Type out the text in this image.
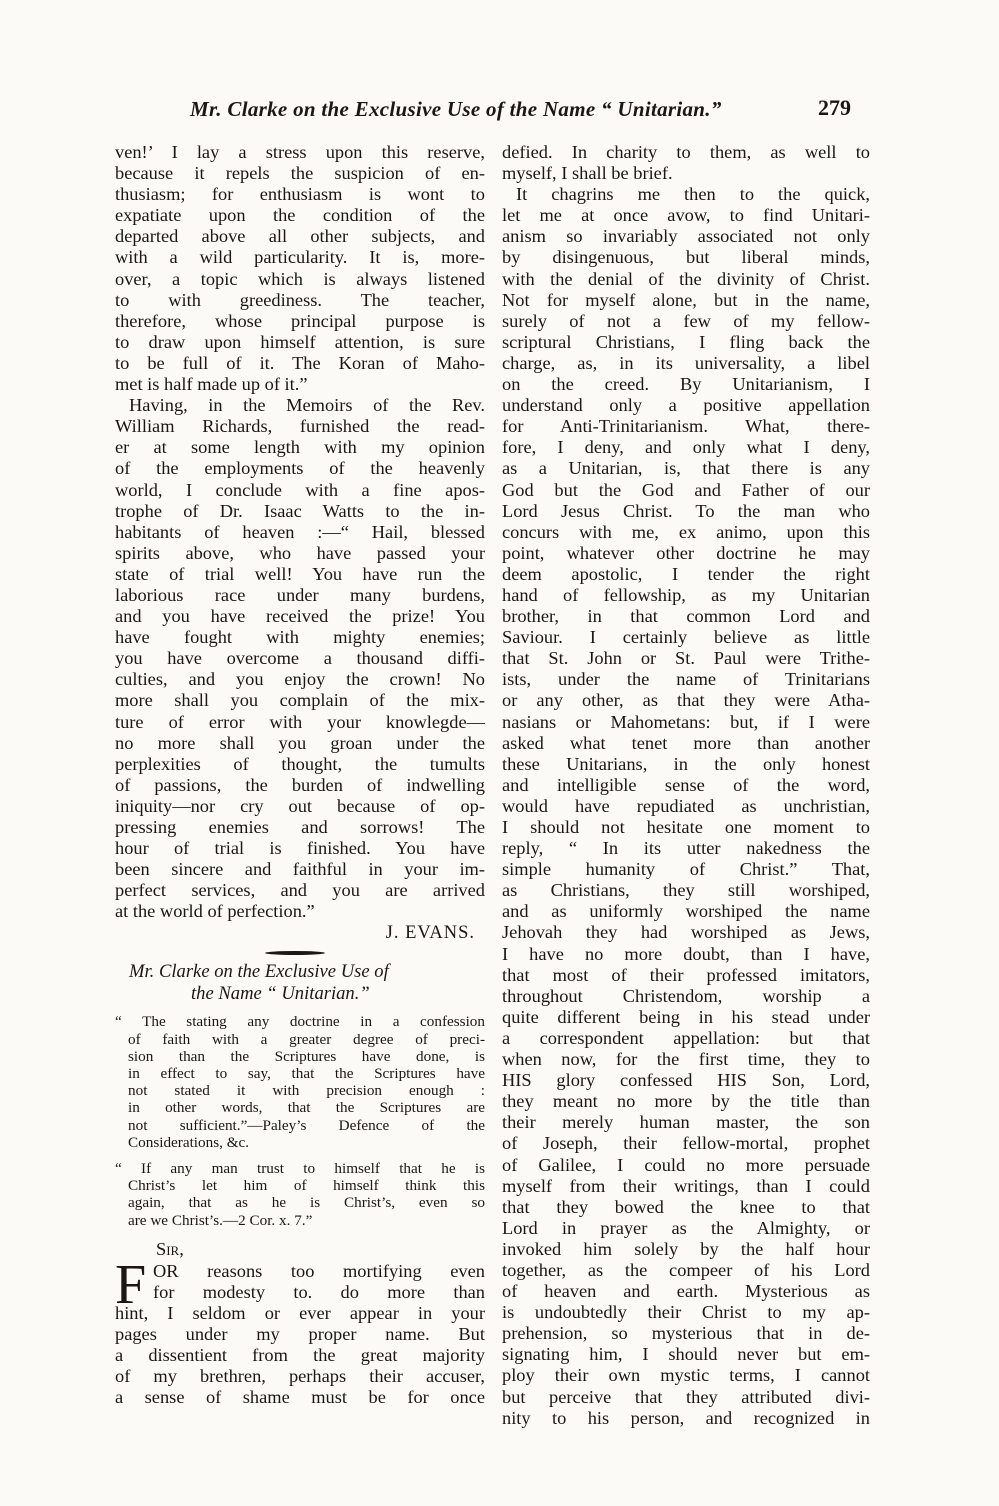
Mr. Clarke on the Exclusive Use of the Name “ Unitarian.”	279
ven!’ I lay a stress upon this reserve,
because it repels the suspicion of en-
thusiasm; for enthusiasm is wont to
expatiate upon the condition of the
departed above all other subjects, and
with a wild particularity. It is, more-
over, a topic which is always listened
to with greediness. The teacher,
therefore, whose principal purpose is
to draw upon himself attention, is sure
to be full of it. The Koran of Maho-
met is half made up of it.”
Having, in the Memoirs of the Rev.
William Richards, furnished the read-
er at some length with my opinion
of the employments of the heavenly
world, I conclude with a fine apos-
trophe of Dr. Isaac Watts to the in-
habitants of heaven :—“ Hail, blessed
spirits above, who have passed your
state of trial well! You have run the
laborious race under many burdens,
and you have received the prize! You
have fought with mighty enemies;
you have overcome a thousand diffi-
culties, and you enjoy the crown! No
more shall you complain of the mix-
ture of error with your knowlegde—
no more shall you groan under the
perplexities of thought, the tumults
of passions, the burden of indwelling
iniquity—nor cry out because of op-
pressing enemies and sorrows! The
hour of trial is finished. You have
been sincere and faithful in your im-
perfect services, and you are arrived
at the world of perfection.”
J. EVANS.
Mr. Clarke on the Exclusive Use of
the Name “ Unitarian.”
“ The stating any doctrine in a confession
of faith with a greater degree of preci-
sion than the Scriptures have done, is
in effect to say, that the Scriptures have
not stated it with precision enough :
in other words, that the Scriptures are
not sufficient.”—Paley’s Defence of the
Considerations, &c.
“ If any man trust to himself that he is
Christ’s let him of himself think this
again, that as he is Christ’s, even so
are we Christ’s.—2 Cor. x. 7.”
Sir,
F OR reasons too mortifying even
for modesty to. do more than
hint, I seldom or ever appear in your
pages under my proper name. But
a dissentient from the great majority
of my brethren, perhaps their accuser,
a sense of shame must be for once
defied. In charity to them, as well to
myself, I shall be brief.
It chagrins me then to the quick,
let me at once avow, to find Unitari-
anism so invariably associated not only
by disingenuous, but liberal minds,
with the denial of the divinity of Christ.
Not for myself alone, but in the name,
surely of not a few of my fellow-
scriptural Christians, I fling back the
charge, as, in its universality, a libel
on the creed. By Unitarianism, I
understand only a positive appellation
for Anti-Trinitarianism. What, there-
fore, I deny, and only what I deny,
as a Unitarian, is, that there is any
God but the God and Father of our
Lord Jesus Christ. To the man who
concurs with me, ex animo, upon this
point, whatever other doctrine he may
deem apostolic, I tender the right
hand of fellowship, as my Unitarian
brother, in that common Lord and
Saviour. I certainly believe as little
that St. John or St. Paul were Trithe-
ists, under the name of Trinitarians
or any other, as that they were Atha-
nasians or Mahometans: but, if I were
asked what tenet more than another
these Unitarians, in the only honest
and intelligible sense of the word,
would have repudiated as unchristian,
I should not hesitate one moment to
reply, “ In its utter nakedness the
simple humanity of Christ.” That,
as Christians, they still worshiped,
and as uniformly worshiped the name
Jehovah they had worshiped as Jews,
I have no more doubt, than I have,
that most of their professed imitators,
throughout Christendom, worship a
quite different being in his stead under
a correspondent appellation: but that
when now, for the first time, they to
HIS glory confessed HIS Son, Lord,
they meant no more by the title than
their merely human master, the son
of Joseph, their fellow-mortal, prophet
of Galilee, I could no more persuade
myself from their writings, than I could
that they bowed the knee to that
Lord in prayer as the Almighty, or
invoked him solely by the half hour
together, as the compeer of his Lord
of heaven and earth. Mysterious as
is undoubtedly their Christ to my ap-
prehension, so mysterious that in de-
signating him, I should never but em-
ploy their own mystic terms, I cannot
but perceive that they attributed divi-
nity to his person, and recognized in
